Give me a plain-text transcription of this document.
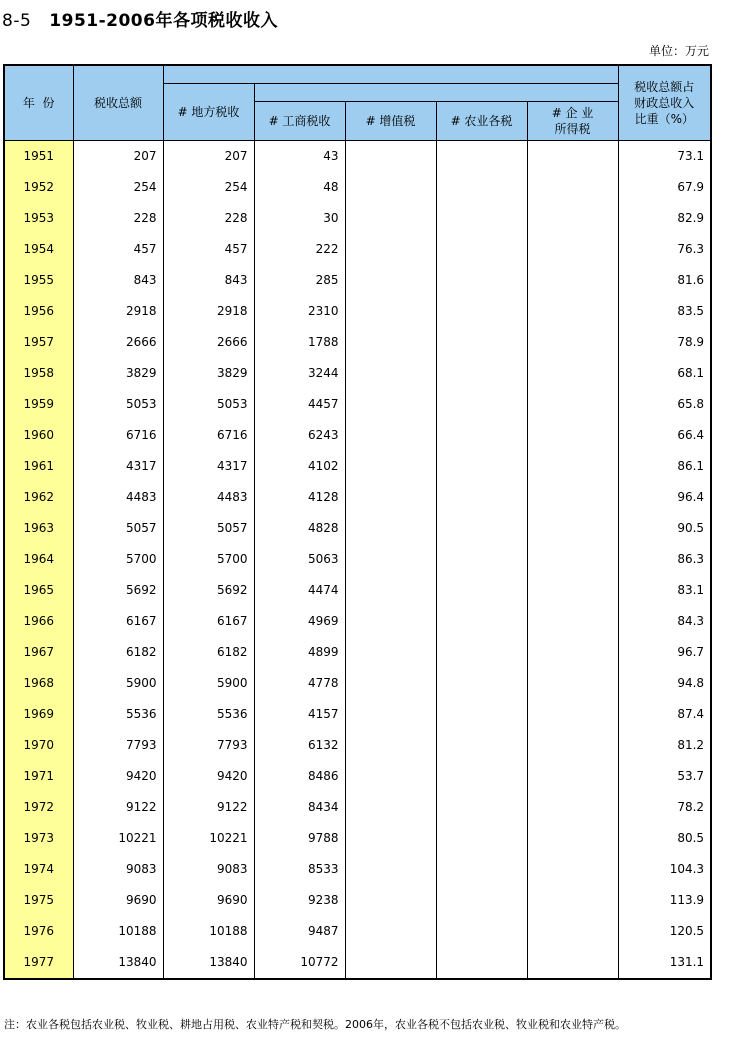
8-5 1951-2006年各项税收收入
单位：万元
年  份	税收总额						税收总额占
财政总收入
比重（%）
		# 地方税收					
			# 工商税收	# 增值税	# 农业各税	# 企 业
所得税	
1951	207	207	43				73.1
1952	254	254	48				67.9
1953	228	228	30				82.9
1954	457	457	222				76.3
1955	843	843	285				81.6
1956	2918	2918	2310				83.5
1957	2666	2666	1788				78.9
1958	3829	3829	3244				68.1
1959	5053	5053	4457				65.8
1960	6716	6716	6243				66.4
1961	4317	4317	4102				86.1
1962	4483	4483	4128				96.4
1963	5057	5057	4828				90.5
1964	5700	5700	5063				86.3
1965	5692	5692	4474				83.1
1966	6167	6167	4969				84.3
1967	6182	6182	4899				96.7
1968	5900	5900	4778				94.8
1969	5536	5536	4157				87.4
1970	7793	7793	6132				81.2
1971	9420	9420	8486				53.7
1972	9122	9122	8434				78.2
1973	10221	10221	9788				80.5
1974	9083	9083	8533				104.3
1975	9690	9690	9238				113.9
1976	10188	10188	9487				120.5
1977	13840	13840	10772				131.1
注：农业各税包括农业税、牧业税、耕地占用税、农业特产税和契税。2006年，农业各税不包括农业税、牧业税和农业特产税。
